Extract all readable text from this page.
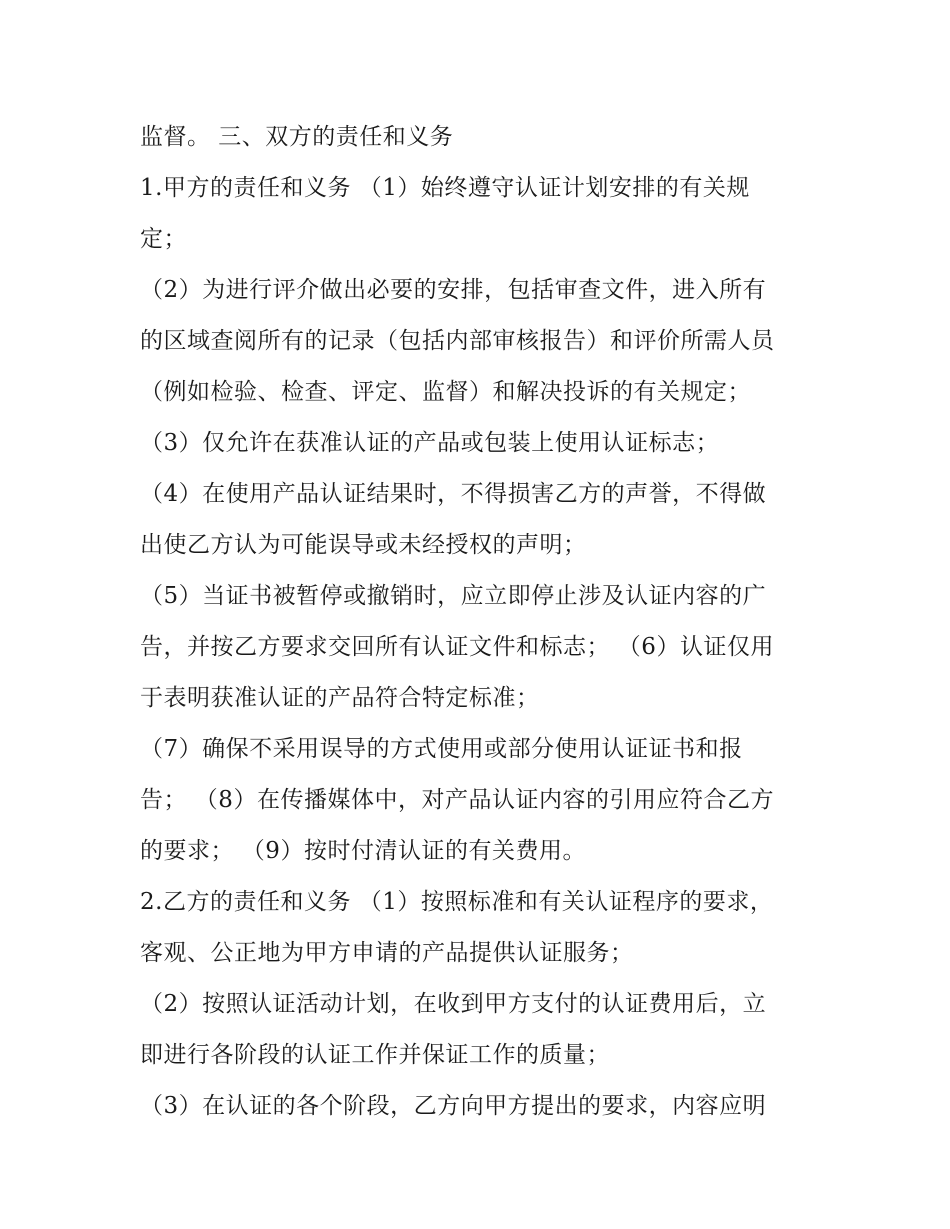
监督。 三、双方的责任和义务
1.甲方的责任和义务 （1）始终遵守认证计划安排的有关规
定；
（2）为进行评介做出必要的安排，包括审查文件，进入所有
的区域查阅所有的记录（包括内部审核报告）和评价所需人员
（例如检验、检查、评定、监督）和解决投诉的有关规定；
（3）仅允许在获准认证的产品或包装上使用认证标志；
（4）在使用产品认证结果时，不得损害乙方的声誉，不得做
出使乙方认为可能误导或未经授权的声明；
（5）当证书被暂停或撤销时，应立即停止涉及认证内容的广
告，并按乙方要求交回所有认证文件和标志； （6）认证仅用
于表明获准认证的产品符合特定标准；
（7）确保不采用误导的方式使用或部分使用认证证书和报
告； （8）在传播媒体中，对产品认证内容的引用应符合乙方
的要求； （9）按时付清认证的有关费用。
2.乙方的责任和义务 （1）按照标准和有关认证程序的要求，
客观、公正地为甲方申请的产品提供认证服务；
（2）按照认证活动计划，在收到甲方支付的认证费用后，立
即进行各阶段的认证工作并保证工作的质量；
（3）在认证的各个阶段，乙方向甲方提出的要求，内容应明
